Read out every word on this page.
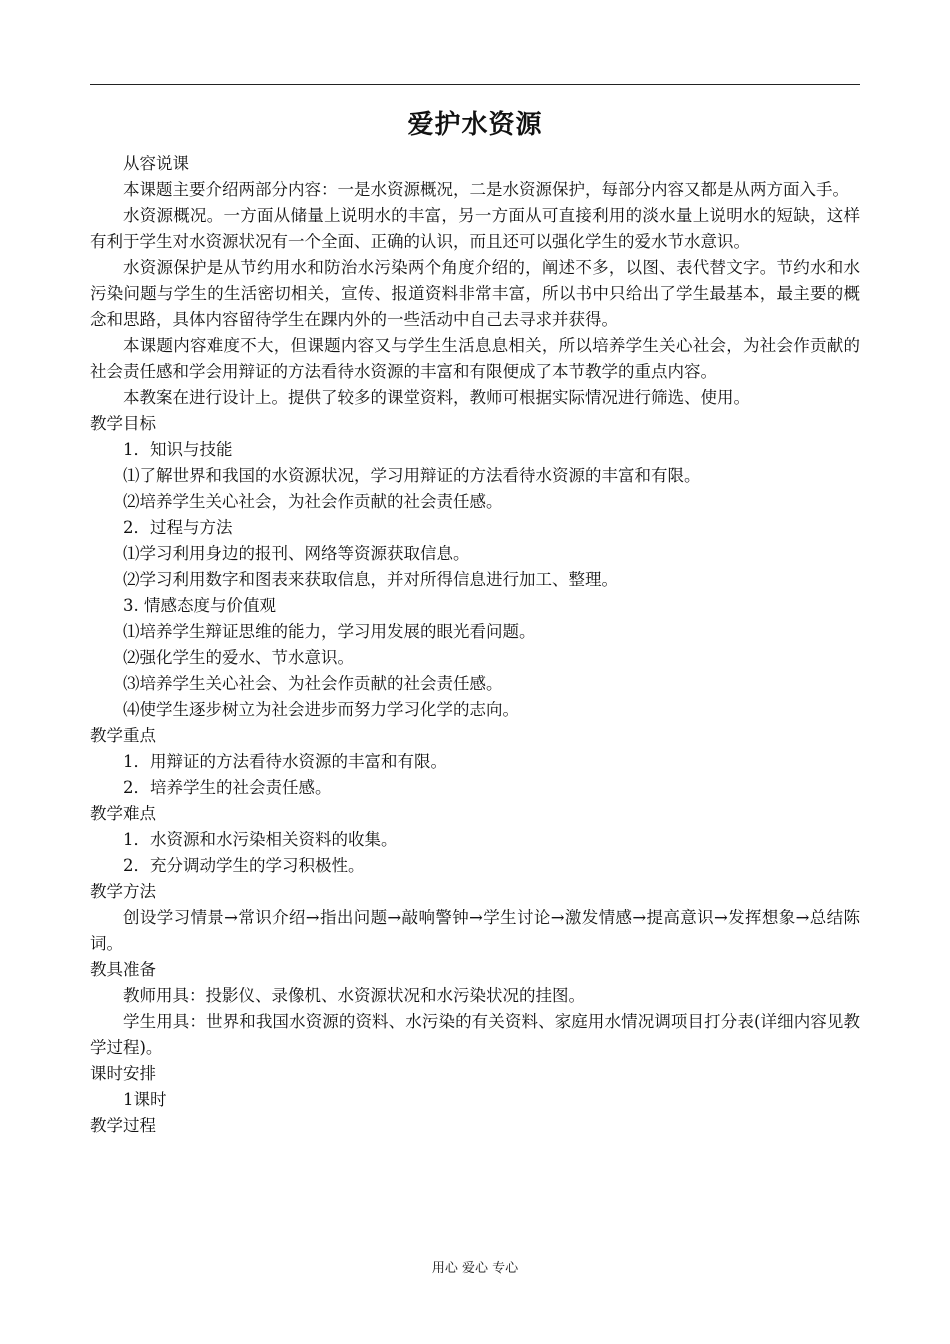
爱护水资源

从容说课

本课题主要介绍两部分内容：一是水资源概况，二是水资源保护，每部分内容又都是从两方面入手。

水资源概况。一方面从储量上说明水的丰富，另一方面从可直接利用的淡水量上说明水的短缺，这样有利于学生对水资源状况有一个全面、正确的认识，而且还可以强化学生的爱水节水意识。

水资源保护是从节约用水和防治水污染两个角度介绍的，阐述不多，以图、表代替文字。节约水和水污染问题与学生的生活密切相关，宣传、报道资料非常丰富，所以书中只给出了学生最基本，最主要的概念和思路，具体内容留待学生在踝内外的一些活动中自己去寻求并获得。

本课题内容难度不大，但课题内容又与学生生活息息相关，所以培养学生关心社会，为社会作贡献的社会责任感和学会用辩证的方法看待水资源的丰富和有限便成了本节教学的重点内容。

本教案在进行设计上。提供了较多的课堂资料，教师可根据实际情况进行筛选、使用。

教学目标

1．知识与技能

⑴了解世界和我国的水资源状况，学习用辩证的方法看待水资源的丰富和有限。

⑵培养学生关心社会，为社会作贡献的社会责任感。

2．过程与方法

⑴学习利用身边的报刊、网络等资源获取信息。

⑵学习利用数字和图表来获取信息，并对所得信息进行加工、整理。

3. 情感态度与价值观

⑴培养学生辩证思维的能力，学习用发展的眼光看问题。

⑵强化学生的爱水、节水意识。

⑶培养学生关心社会、为社会作贡献的社会责任感。

⑷使学生逐步树立为社会进步而努力学习化学的志向。

教学重点

1．用辩证的方法看待水资源的丰富和有限。

2．培养学生的社会责任感。

教学难点

1．水资源和水污染相关资料的收集。

2．充分调动学生的学习积极性。

教学方法

创设学习情景→常识介绍→指出问题→敲响警钟→学生讨论→激发情感→提高意识→发挥想象→总结陈词。

教具准备

教师用具：投影仪、录像机、水资源状况和水污染状况的挂图。

学生用具：世界和我国水资源的资料、水污染的有关资料、家庭用水情况调项目打分表(详细内容见教学过程)。

课时安排

1课时

教学过程

用心 爱心 专心
